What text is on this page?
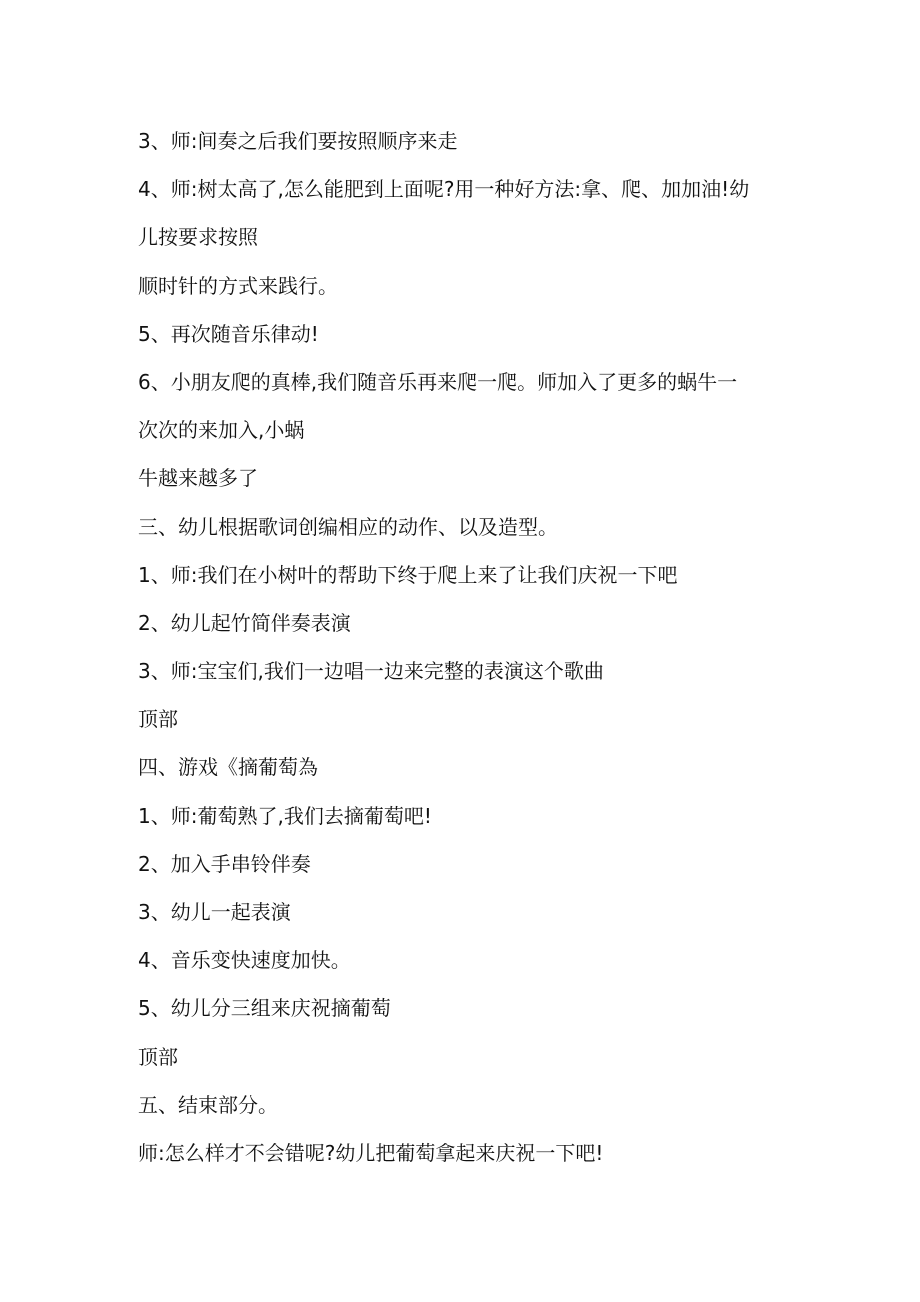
3、师:间奏之后我们要按照顺序来走

4、师:树太高了,怎么能肥到上面呢?用一种好方法:拿、爬、加加油!幼

儿按要求按照

顺时针的方式来践行。

5、再次随音乐律动!

6、小朋友爬的真棒,我们随音乐再来爬一爬。师加入了更多的蜗牛一

次次的来加入,小蜗

牛越来越多了

三、幼儿根据歌词创编相应的动作、以及造型。

1、师:我们在小树叶的帮助下终于爬上来了让我们庆祝一下吧

2、幼儿起竹简伴奏表演

3、师:宝宝们,我们一边唱一边来完整的表演这个歌曲

顶部

四、游戏《摘葡萄為

1、师:葡萄熟了,我们去摘葡萄吧!

2、加入手串铃伴奏

3、幼儿一起表演

4、音乐变快速度加快。

5、幼儿分三组来庆祝摘葡萄

顶部

五、结束部分。

师:怎么样才不会错呢?幼儿把葡萄拿起来庆祝一下吧!
